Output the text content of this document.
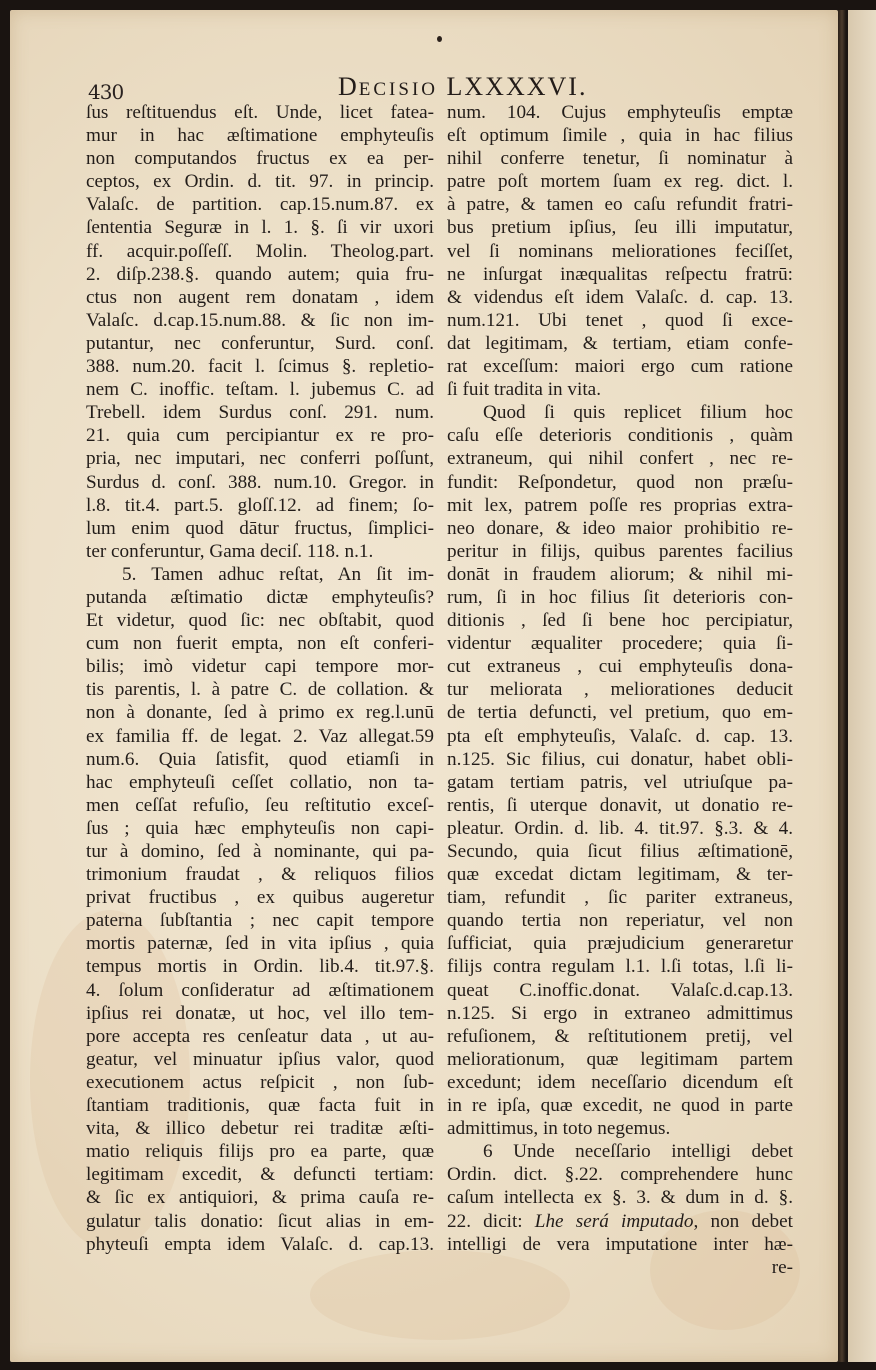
430	DECISIO LXXXXVI.
ſus reſtituendus eſt. Unde, licet fatea-
mur in hac æſtimatione emphyteuſis
non computandos fructus ex ea per-
ceptos, ex Ordin. d. tit. 97. in princip.
Valaſc. de partition. cap.15.num.87. ex
ſententia Seguræ in l. 1. §. ſi vir uxori
ff. acquir.poſſeſſ. Molin. Theolog.part.
2. diſp.238.§. quando autem; quia fru-
ctus non augent rem donatam , idem
Valaſc. d.cap.15.num.88. & ſic non im-
putantur, nec conferuntur, Surd. conſ.
388. num.20. facit l. ſcimus §. repletio-
nem C. inoffic. teſtam. l. jubemus C. ad
Trebell. idem Surdus conſ. 291. num.
21. quia cum percipiantur ex re pro-
pria, nec imputari, nec conferri poſſunt,
Surdus d. conſ. 388. num.10. Gregor. in
l.8. tit.4. part.5. gloſſ.12. ad finem; ſo-
lum enim quod dātur fructus, ſimplici-
ter conferuntur, Gama deciſ. 118. n.1.
5. Tamen adhuc reſtat, An ſit im-
putanda æſtimatio dictæ emphyteuſis?
Et videtur, quod ſic: nec obſtabit, quod
cum non fuerit empta, non eſt conferi-
bilis; imò videtur capi tempore mor-
tis parentis, l. à patre C. de collation. &
non à donante, ſed à primo ex reg.l.unū
ex familia ff. de legat. 2. Vaz allegat.59
num.6. Quia ſatisfit, quod etiamſi in
hac emphyteuſi ceſſet collatio, non ta-
men ceſſat refuſio, ſeu reſtitutio exceſ-
ſus ; quia hæc emphyteuſis non capi-
tur à domino, ſed à nominante, qui pa-
trimonium fraudat , & reliquos filios
privat fructibus , ex quibus augeretur
paterna ſubſtantia ; nec capit tempore
mortis paternæ, ſed in vita ipſius , quia
tempus mortis in Ordin. lib.4. tit.97.§.
4. ſolum conſideratur ad æſtimationem
ipſius rei donatæ, ut hoc, vel illo tem-
pore accepta res cenſeatur data , ut au-
geatur, vel minuatur ipſius valor, quod
executionem actus reſpicit , non ſub-
ſtantiam traditionis, quæ facta fuit in
vita, & illico debetur rei traditæ æſti-
matio reliquis filijs pro ea parte, quæ
legitimam excedit, & defuncti tertiam:
& ſic ex antiquiori, & prima cauſa re-
gulatur talis donatio: ſicut alias in em-
phyteuſi empta idem Valaſc. d. cap.13.
num. 104. Cujus emphyteuſis emptæ
eſt optimum ſimile , quia in hac filius
nihil conferre tenetur, ſi nominatur à
patre poſt mortem ſuam ex reg. dict. l.
à patre, & tamen eo caſu refundit fratri-
bus pretium ipſius, ſeu illi imputatur,
vel ſi nominans meliorationes feciſſet,
ne inſurgat inæqualitas reſpectu fratrū:
& videndus eſt idem Valaſc. d. cap. 13.
num.121. Ubi tenet , quod ſi exce-
dat legitimam, & tertiam, etiam confe-
rat exceſſum: maiori ergo cum ratione
ſi fuit tradita in vita.
Quod ſi quis replicet filium hoc
caſu eſſe deterioris conditionis , quàm
extraneum, qui nihil confert , nec re-
fundit: Reſpondetur, quod non præſu-
mit lex, patrem poſſe res proprias extra-
neo donare, & ideo maior prohibitio re-
peritur in filijs, quibus parentes facilius
donāt in fraudem aliorum; & nihil mi-
rum, ſi in hoc filius ſit deterioris con-
ditionis , ſed ſi bene hoc percipiatur,
videntur æqualiter procedere; quia ſi-
cut extraneus , cui emphyteuſis dona-
tur meliorata , meliorationes deducit
de tertia defuncti, vel pretium, quo em-
pta eſt emphyteuſis, Valaſc. d. cap. 13.
n.125. Sic filius, cui donatur, habet obli-
gatam tertiam patris, vel utriuſque pa-
rentis, ſi uterque donavit, ut donatio re-
pleatur. Ordin. d. lib. 4. tit.97. §.3. & 4.
Secundo, quia ſicut filius æſtimationē,
quæ excedat dictam legitimam, & ter-
tiam, refundit , ſic pariter extraneus,
quando tertia non reperiatur, vel non
ſufficiat, quia præjudicium generaretur
filijs contra regulam l.1. l.ſi totas, l.ſi li-
queat C.inoffic.donat. Valaſc.d.cap.13.
n.125. Si ergo in extraneo admittimus
refuſionem, & reſtitutionem pretij, vel
meliorationum, quæ legitimam partem
excedunt; idem neceſſario dicendum eſt
in re ipſa, quæ excedit, ne quod in parte
admittimus, in toto negemus.
6 Unde neceſſario intelligi debet
Ordin. dict. §.22. comprehendere hunc
caſum intellecta ex §. 3. & dum in d. §.
22. dicit: Lhe será imputado, non debet
intelligi de vera imputatione inter hæ-
re-
